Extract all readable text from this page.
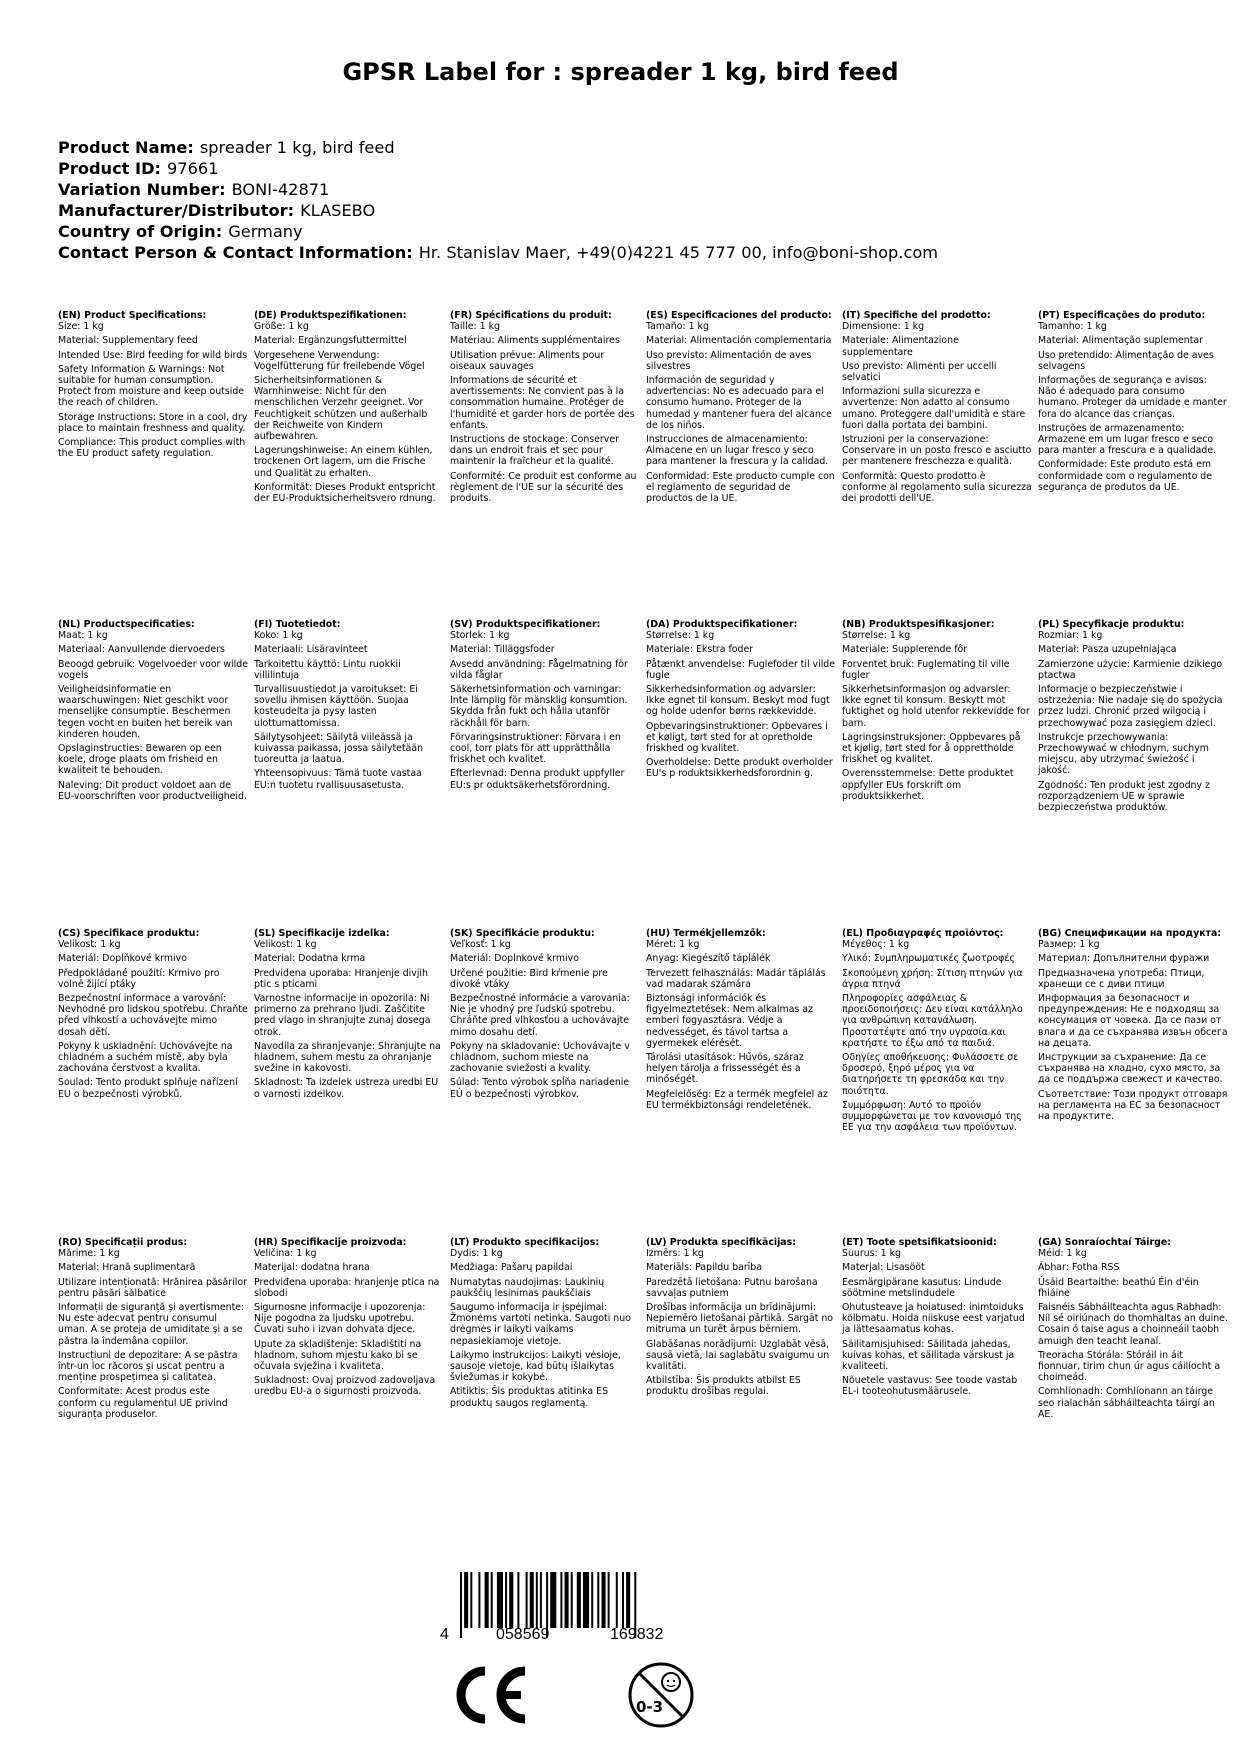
GPSR Label for : spreader 1 kg, bird feed
Product Name: spreader 1 kg, bird feed
Product ID: 97661
Variation Number: BONI-42871
Manufacturer/Distributor: KLASEBO
Country of Origin: Germany
Contact Person & Contact Information: Hr. Stanislav Maer, +49(0)4221 45 777 00, info@boni-shop.com
(EN) Product Specifications:
Size: 1 kg
Material: Supplementary feed
Intended Use: Bird feeding for wild birds
Safety Information & Warnings: Not suitable for human consumption. Protect from moisture and keep outside the reach of children.
Storage Instructions: Store in a cool, dry place to maintain freshness and quality.
Compliance: This product complies with the EU product safety regulation.
(DE) Produktspezifikationen:
Größe: 1 kg
Material: Ergänzungsfuttermittel
Vorgesehene Verwendung: Vogelfütterung für freilebende Vögel
Sicherheitsinformationen & Warnhinweise: Nicht für den menschlichen Verzehr geeignet. Vor Feuchtigkeit schützen und außerhalb der Reichweite von Kindern aufbewahren.
Lagerungshinweise: An einem kühlen, trockenen Ort lagern, um die Frische und Qualität zu erhalten.
Konformität: Dieses Produkt entspricht der EU-Produktsicherheitsvero rdnung.
(FR) Spécifications du produit:
Taille: 1 kg
Matériau: Aliments supplémentaires
Utilisation prévue: Aliments pour oiseaux sauvages
Informations de sécurité et avertissements: Ne convient pas à la consommation humaine. Protéger de l'humidité et garder hors de portée des enfants.
Instructions de stockage: Conserver dans un endroit frais et sec pour maintenir la fraîcheur et la qualité.
Conformité: Ce produit est conforme au règlement de l'UE sur la sécurité des produits.
(ES) Especificaciones del producto:
Tamaño: 1 kg
Material: Alimentación complementaria
Uso previsto: Alimentación de aves silvestres
Información de seguridad y advertencias: No es adecuado para el consumo humano. Proteger de la humedad y mantener fuera del alcance de los niños.
Instrucciones de almacenamiento: Almacene en un lugar fresco y seco para mantener la frescura y la calidad.
Conformidad: Este producto cumple con el reglamento de seguridad de productos de la UE.
(IT) Specifiche del prodotto:
Dimensione: 1 kg
Materiale: Alimentazione supplementare
Uso previsto: Alimenti per uccelli selvatici
Informazioni sulla sicurezza e avvertenze: Non adatto al consumo umano. Proteggere dall'umidità e stare fuori dalla portata dei bambini.
Istruzioni per la conservazione: Conservare in un posto fresco e asciutto per mantenere freschezza e qualità.
Conformità: Questo prodotto è conforme al regolamento sulla sicurezza dei prodotti dell'UE.
(PT) Especificações do produto:
Tamanho: 1 kg
Material: Alimentação suplementar
Uso pretendido: Alimentação de aves selvagens
Informações de segurança e avisos: Não é adequado para consumo humano. Proteger da umidade e manter fora do alcance das crianças.
Instruções de armazenamento: Armazene em um lugar fresco e seco para manter a frescura e a qualidade.
Conformidade: Este produto está em conformidade com o regulamento de segurança de produtos da UE.
(NL) Productspecificaties:
Maat: 1 kg
Materiaal: Aanvullende diervoeders
Beoogd gebruik: Vogelvoeder voor wilde vogels
Veiligheidsinformatie en waarschuwingen: Niet geschikt voor menselijke consumptie. Beschermen tegen vocht en buiten het bereik van kinderen houden.
Opslaginstructies: Bewaren op een koele, droge plaats om frisheid en kwaliteit te behouden.
Naleving: Dit product voldoet aan de EU-voorschriften voor productveiligheid.
(FI) Tuotetiedot:
Koko: 1 kg
Materiaali: Lisäravinteet
Tarkoitettu käyttö: Lintu ruokkii villilintuja
Turvallisuustiedot ja varoitukset: Ei sovellu ihmisen käyttöön. Suojaa kosteudelta ja pysy lasten ulottumattomissa.
Säilytysohjeet: Säilytä viileässä ja kuivassa paikassa, jossa säilytetään tuoreutta ja laatua.
Yhteensopivuus: Tämä tuote vastaa EU:n tuotetu rvallisuusasetusta.
(SV) Produktspecifikationer:
Storlek: 1 kg
Material: Tilläggsfoder
Avsedd användning: Fågelmatning för vilda fåglar
Säkerhetsinformation och varningar: Inte lämplig för mänsklig konsumtion. Skydda från fukt och hålla utanför räckhåll för barn.
Förvaringsinstruktioner: Förvara i en cool, torr plats för att upprätthålla friskhet och kvalitet.
Efterlevnad: Denna produkt uppfyller EU:s pr oduktsäkerhetsförordning.
(DA) Produktspecifikationer:
Størrelse: 1 kg
Materiale: Ekstra foder
Påtænkt anvendelse: Fuglefoder til vilde fugle
Sikkerhedsinformation og advarsler: Ikke egnet til konsum. Beskyt mod fugt og holde udenfor børns rækkevidde.
Opbevaringsinstruktioner: Opbevares i et køligt, tørt sted for at opretholde friskhed og kvalitet.
Overholdelse: Dette produkt overholder EU's p roduktsikkerhedsforordnin g.
(NB) Produktspesifikasjoner:
Størrelse: 1 kg
Materiale: Supplerende fôr
Forventet bruk: Fuglemating til ville fugler
Sikkerhetsinformasjon og advarsler: Ikke egnet til konsum. Beskytt mot fuktighet og hold utenfor rekkevidde for barn.
Lagringsinstruksjoner: Oppbevares på et kjølig, tørt sted for å opprettholde friskhet og kvalitet.
Overensstemmelse: Dette produktet oppfyller EUs forskrift om produktsikkerhet.
(PL) Specyfikacje produktu:
Rozmiar: 1 kg
Materiał: Pasza uzupełniająca
Zamierzone użycie: Karmienie dzikiego ptactwa
Informacje o bezpieczeństwie i ostrzeżenia: Nie nadaje się do spożycia przez ludzi. Chronić przed wilgocią i przechowywać poza zasięgiem dzieci.
Instrukcje przechowywania: Przechowywać w chłodnym, suchym miejscu, aby utrzymać świeżość i jakość.
Zgodność: Ten produkt jest zgodny z rozporządzeniem UE w sprawie bezpieczeństwa produktów.
(CS) Specifikace produktu:
Velikost: 1 kg
Materiál: Doplňkové krmivo
Předpokládané použití: Krmivo pro volně žijící ptáky
Bezpečnostní informace a varování: Nevhodné pro lidskou spotřebu. Chraňte před vlhkostí a uchovávejte mimo dosah dětí.
Pokyny k uskladnění: Uchovávejte na chladném a suchém místě, aby byla zachována čerstvost a kvalita.
Soulad: Tento produkt splňuje nařízení EU o bezpečnosti výrobků.
(SL) Specifikacije izdelka:
Velikost: 1 kg
Material: Dodatna krma
Predvidena uporaba: Hranjenje divjih ptic s pticami
Varnostne informacije in opozorila: Ni primerno za prehrano ljudi. Zaščitite pred vlago in shranjujte zunaj dosega otrok.
Navodila za shranjevanje: Shranjujte na hladnem, suhem mestu za ohranjanje svežine in kakovosti.
Skladnost: Ta izdelek ustreza uredbi EU o varnosti izdelkov.
(SK) Špecifikácie produktu:
Veľkosť: 1 kg
Materiál: Doplnkové krmivo
Určené použitie: Bird kŕmenie pre divoké vtáky
Bezpečnostné informácie a varovania: Nie je vhodný pre ľudskú spotrebu. Chráňte pred vlhkosťou a uchovávajte mimo dosahu detí.
Pokyny na skladovanie: Uchovávajte v chladnom, suchom mieste na zachovanie sviežosti a kvality.
Súlad: Tento výrobok spĺňa nariadenie EÚ o bezpečnosti výrobkov.
(HU) Termékjellemzők:
Méret: 1 kg
Anyag: Kiegészítő táplálék
Tervezett felhasználás: Madár táplálás vad madarak számára
Biztonsági információk és figyelmeztetések: Nem alkalmas az emberi fogyasztásra. Védje a nedvességet, és távol tartsa a gyermekek elérését.
Tárolási utasítások: Hűvös, száraz helyen tárolja a frissességét és a minőségét.
Megfelelőség: Ez a termék megfelel az EU termékbiztonsági rendeletének.
(EL) Προδιαγραφές προϊόντος:
Μέγεθος: 1 kg
Υλικό: Συμπληρωματικές ζωοτροφές
Σκοπούμενη χρήση: Σίτιση πτηνών για άγρια πτηνά
Πληροφορίες ασφάλειας & προειδοποιήσεις: Δεν είναι κατάλληλο για ανθρώπινη κατανάλωση. Προστατέψτε από την υγρασία και κρατήστε το έξω από τα παιδιά.
Οδηγίες αποθήκευσης: Φυλάσσετε σε δροσερό, ξηρό μέρος για να διατηρήσετε τη φρεσκάδα και την ποιότητα.
Συμμόρφωση: Αυτό το προϊόν συμμορφώνεται με τον κανονισμό της ΕΕ για την ασφάλεια των προϊόντων.
(BG) Спецификации на продукта:
Размер: 1 kg
Материал: Допълнителни фуражи
Предназначена употреба: Птици, хранещи се с диви птици
Информация за безопасност и предупреждения: Не е подходящ за консумация от човека. Да се пази от влага и да се съхранява извън обсега на децата.
Инструкции за съхранение: Да се съхранява на хладно, сухо място, за да се поддържа свежест и качество.
Съответствие: Този продукт отговаря на регламента на ЕС за безопасност на продуктите.
(RO) Specificații produs:
Mărime: 1 kg
Material: Hrană suplimentară
Utilizare intenționată: Hrănirea păsărilor pentru păsări sălbatice
Informații de siguranță și avertismente: Nu este adecvat pentru consumul uman. A se proteja de umiditate și a se păstra la îndemâna copiilor.
Instrucțiuni de depozitare: A se păstra într-un loc răcoros și uscat pentru a menține prospețimea și calitatea.
Conformitate: Acest produs este conform cu regulamentul UE privind siguranța produselor.
(HR) Specifikacije proizvoda:
Veličina: 1 kg
Materijal: dodatna hrana
Predviđena uporaba: hranjenje ptica na slobodi
Sigurnosne informacije i upozorenja: Nije pogodna za ljudsku upotrebu. Čuvati suho i izvan dohvata djece.
Upute za skladištenje: Skladištiti na hladnom, suhom mjestu kako bi se očuvala svježina i kvaliteta.
Sukladnost: Ovaj proizvod zadovoljava uredbu EU-a o sigurnosti proizvoda.
(LT) Produkto specifikacijos:
Dydis: 1 kg
Medžiaga: Pašarų papildai
Numatytas naudojimas: Laukinių paukščių lesinimas paukščiais
Saugumo informacija ir įspėjimai: Žmonėms vartoti netinka. Saugoti nuo drėgmės ir laikyti vaikams nepasiekiamoje vietoje.
Laikymo instrukcijos: Laikyti vėsioje, sausoje vietoje, kad būtų išlaikytas šviežumas ir kokybė.
Atitiktis: Šis produktas atitinka ES produktų saugos reglamentą.
(LV) Produkta specifikācijas:
Izmērs: 1 kg
Materiāls: Papildu barība
Paredzētā lietošana: Putnu barošana savvaļas putniem
Drošības informācija un brīdinājumi: Nepiemēro lietošanai pārtikā. Sargāt no mitruma un turēt ārpus bērniem.
Glabāšanas norādījumi: Uzglabāt vēsā, sausā vietā, lai saglabātu svaigumu un kvalitāti.
Atbilstība: Šis produkts atbilst ES produktu drošības regulai.
(ET) Toote spetsifikatsioonid:
Suurus: 1 kg
Materjal: Lisasööt
Eesmärgipärane kasutus: Lindude söötmine metslindudele
Ohutusteave ja hoiatused: inimtoiduks kõlbmatu. Hoida niiskuse eest varjatud ja lättesaamatus kohas.
Säilitamisjuhised: Säilitada jahedas, kuivas kohas, et säilitada värskust ja kvaliteeti.
Nõuetele vastavus: See toode vastab EL-i tooteohutusmäärusele.
(GA) Sonraíochtaí Táirge:
Méid: 1 kg
Ábhar: Fotha RSS
Úsáid Beartaithe: beathú Éin d'éin fhiáine
Faisnéis Sábháilteachta agus Rabhadh: Níl sé oiriúnach do thomhaltas an duine. Cosain ó taise agus a choinneáil taobh amuigh den teacht leanaí.
Treoracha Stórála: Stóráil in áit fionnuar, tirim chun úr agus cáilíocht a choimeád.
Comhlíonadh: Comhlíonann an táirge seo rialachán sábháilteachta táirgí an AE.
4	058569	169832
0-3
